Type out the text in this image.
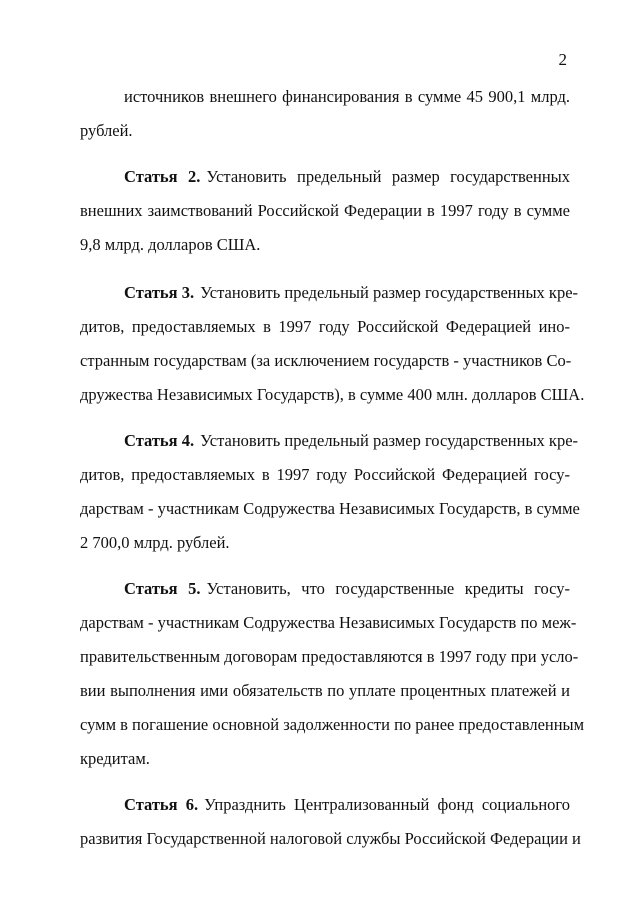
2
источников внешнего финансирования в сумме 45 900,1 млрд.
рублей.
Статья 2. Установить предельный размер государственных
внешних заимствований Российской Федерации в 1997 году в сумме
9,8 млрд. долларов США.
Статья 3. Установить предельный размер государственных кре-
дитов, предоставляемых в 1997 году Российской Федерацией ино-
странным государствам (за исключением государств - участников Со-
дружества Независимых Государств), в сумме 400 млн. долларов США.
Статья 4. Установить предельный размер государственных кре-
дитов, предоставляемых в 1997 году Российской Федерацией госу-
дарствам - участникам Содружества Независимых Государств, в сумме
2 700,0 млрд. рублей.
Статья 5. Установить, что государственные кредиты госу-
дарствам - участникам Содружества Независимых Государств по меж-
правительственным договорам предоставляются в 1997 году при усло-
вии выполнения ими обязательств по уплате процентных платежей и
сумм в погашение основной задолженности по ранее предоставленным
кредитам.
Статья 6. Упразднить Централизованный фонд социального
развития Государственной налоговой службы Российской Федерации и
